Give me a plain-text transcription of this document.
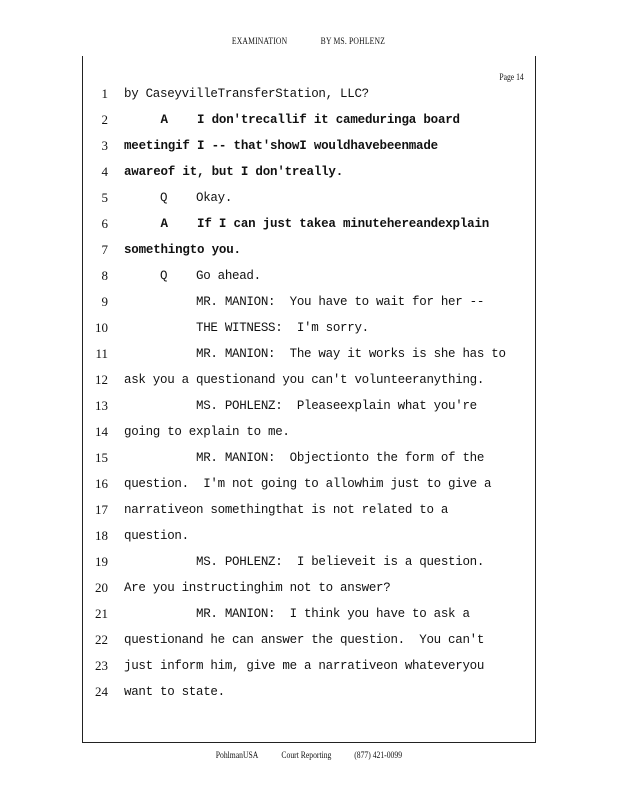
EXAMINATION	BY MS. POHLENZ
Page 14
1 by CaseyvilleTransferStation, LLC?
2 A    I don'trecallif it cameduringa board
3 meetingif I -- that'showI wouldhavebeenmade
4 awareof it, but I don'treally.
5 Q    Okay.
6 A    If I can just takea minutehereandexplain
7 somethingto you.
8 Q    Go ahead.
9 MR. MANION:  You have to wait for her --
10 THE WITNESS:  I'm sorry.
11 MR. MANION:  The way it works is she has to
12 ask you a questionand you can't volunteeranything.
13 MS. POHLENZ:  Pleaseexplain what you're
14 going to explain to me.
15 MR. MANION:  Objectionto the form of the
16 question.  I'm not going to allowhim just to give a
17 narrativeon somethingthat is not related to a
18 question.
19 MS. POHLENZ:  I believeit is a question.
20 Are you instructinghim not to answer?
21 MR. MANION:  I think you have to ask a
22 questionand he can answer the question.  You can't
23 just inform him, give me a narrativeon whateveryou
24 want to state.
PohlmanUSA Court Reporting	(877) 421-0099
